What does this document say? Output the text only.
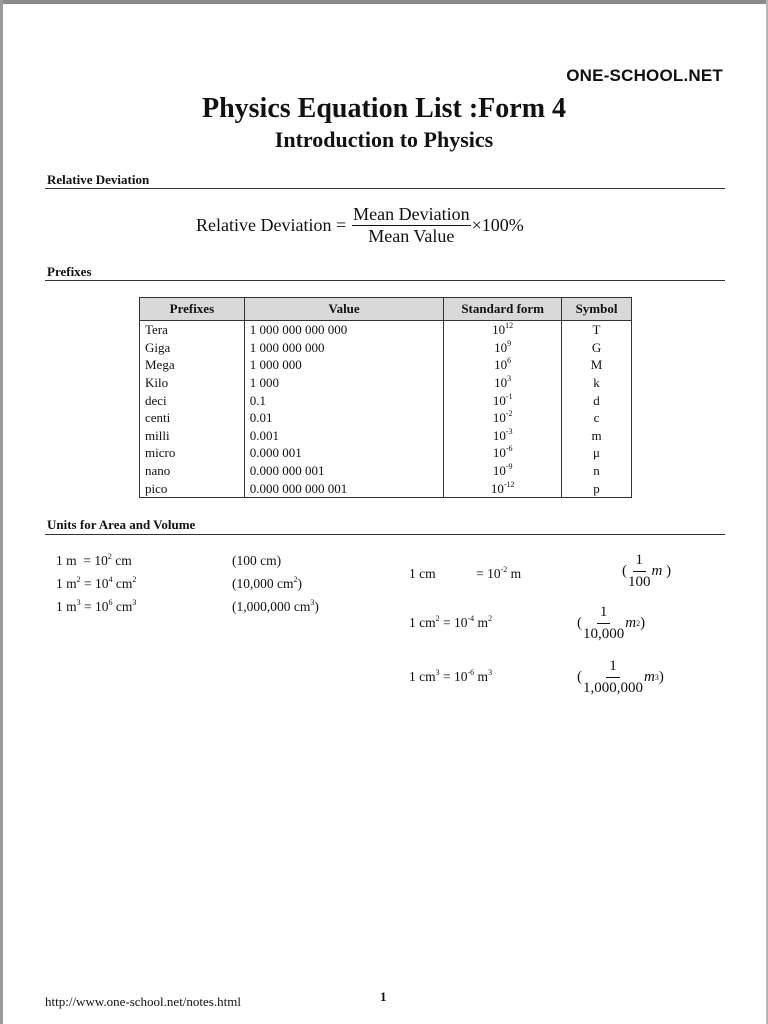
ONE-SCHOOL.NET
Physics Equation List :Form 4
Introduction to Physics
Relative Deviation
Relative Deviation = $\frac{\text{Mean Deviation}}{\text{Mean Value}} \times 100\%$
Prefixes
Prefixes	Value	Standard form	Symbol
Tera	1 000 000 000 000	$10^{12}$	T
Giga	1 000 000 000	$10^9$	G
Mega	1 000 000	$10^6$	M
Kilo	1 000	$10^3$	k
deci	0.1	$10^{-1}$	d
centi	0.01	$10^{-2}$	c
milli	0.001	$10^{-3}$	m
micro	0.000 001	$10^{-6}$	μ
nano	0.000 000 001	$10^{-9}$	n
pico	0.000 000 000 001	$10^{-12}$	p
Units for Area and Volume
1 $m = 10^2$ cm	(100 cm)
1 $m^2 = 10^4$ $cm^2$	(10,000 $cm^2$)
1 $m^3 = 10^6$ $cm^3$	(1,000,000 $cm^3$)
1 cm	= $10^{-2}$ m	( $\frac{1}{100}$ m )
1 $cm^2 = 10^{-4}$ $m^2$	( $\frac{1}{10,000}$ m 2 )
1 $cm^3 = 10^{-6}$ $m^3$	( $\frac{1}{1,000,000}$ m 3 )
http://www.one-school.net/notes.html	1
